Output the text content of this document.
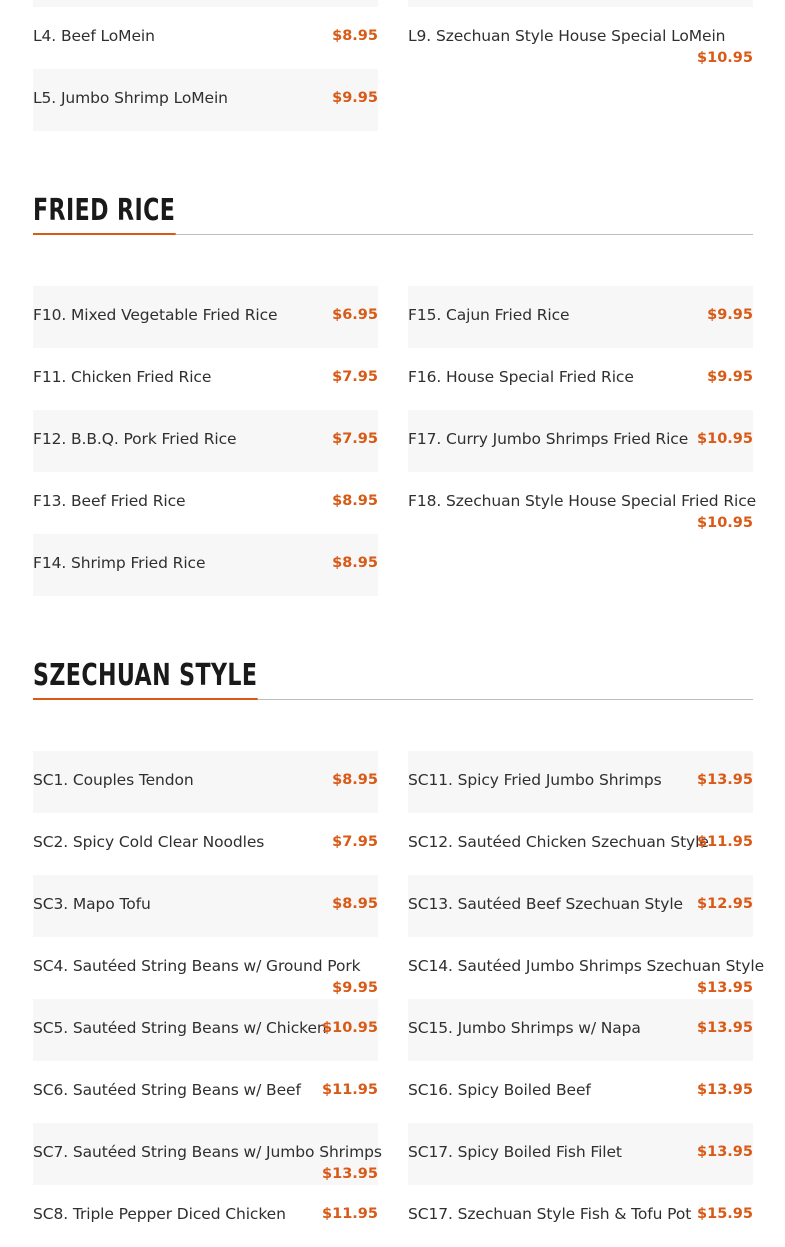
L4. Beef LoMein	$8.95 L9. Szechuan Style House Special LoMein
$10.95
L5. Jumbo Shrimp LoMein	$9.95
FRIED RICE
F10. Mixed Vegetable Fried Rice	$6.95 F15. Cajun Fried Rice	$9.95
F11. Chicken Fried Rice	$7.95 F16. House Special Fried Rice	$9.95
F12. B.B.Q. Pork Fried Rice	$7.95 F17. Curry Jumbo Shrimps Fried Rice $10.95
F13. Beef Fried Rice	$8.95 F18. Szechuan Style House Special Fried Rice
$10.95
F14. Shrimp Fried Rice	$8.95
SZECHUAN STYLE
SC1. Couples Tendon	$8.95 SC11. Spicy Fried Jumbo Shrimps $13.95
SC2. Spicy Cold Clear Noodles	$7.95 SC12. Sautéed Chicken Szechuan Style
$11.95
SC3. Mapo Tofu	$8.95 SC13. Sautéed Beef Szechuan Style $12.95
SC4. Sautéed String Beans w/ Ground Pork
$9.95
SC14. Sautéed Jumbo Shrimps Szechuan Style
$13.95
SC5. Sautéed String Beans w/ Chicken
$10.95 SC15. Jumbo Shrimps w/ Napa	$13.95
SC6. Sautéed String Beans w/ Beef $11.95 SC16. Spicy Boiled Beef	$13.95
SC7. Sautéed String Beans w/ Jumbo Shrimps
$13.95
SC17. Spicy Boiled Fish Filet	$13.95
SC8. Triple Pepper Diced Chicken $11.95 SC17. Szechuan Style Fish & Tofu Pot $15.95
